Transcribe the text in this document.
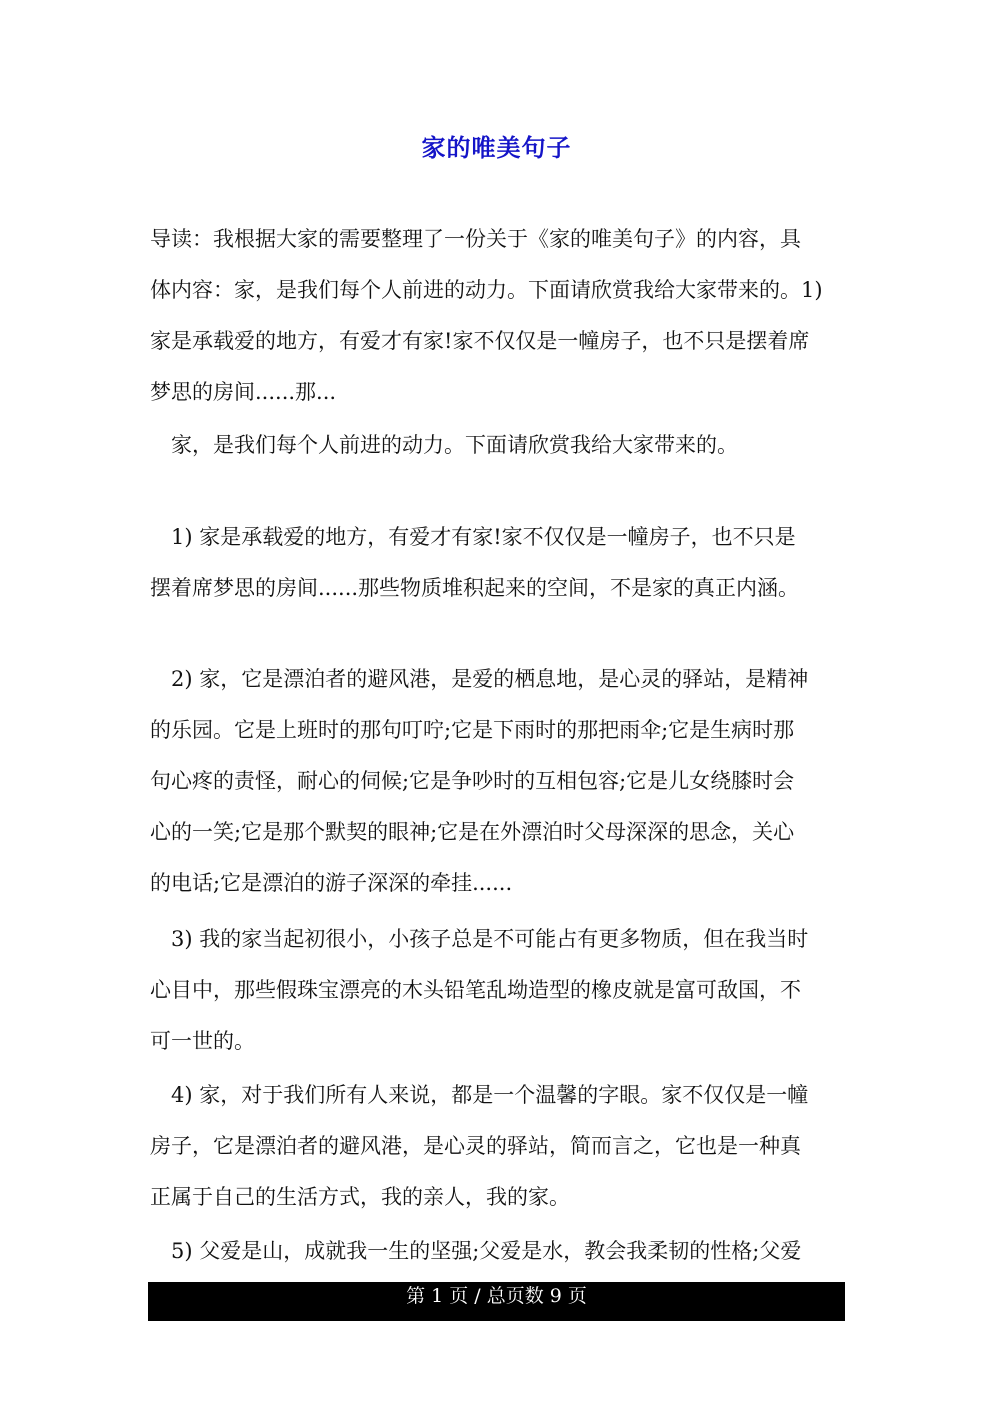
家的唯美句子
导读：我根据大家的需要整理了一份关于《家的唯美句子》的内容，具
体内容：家，是我们每个人前进的动力。下面请欣赏我给大家带来的。1)
家是承载爱的地方，有爱才有家!家不仅仅是一幢房子，也不只是摆着席
梦思的房间......那...
　家，是我们每个人前进的动力。下面请欣赏我给大家带来的。
　1) 家是承载爱的地方，有爱才有家!家不仅仅是一幢房子，也不只是
摆着席梦思的房间......那些物质堆积起来的空间，不是家的真正内涵。
　2) 家，它是漂泊者的避风港，是爱的栖息地，是心灵的驿站，是精神
的乐园。它是上班时的那句叮咛;它是下雨时的那把雨伞;它是生病时那
句心疼的责怪，耐心的伺候;它是争吵时的互相包容;它是儿女绕膝时会
心的一笑;它是那个默契的眼神;它是在外漂泊时父母深深的思念，关心
的电话;它是漂泊的游子深深的牵挂......
　3) 我的家当起初很小，小孩子总是不可能占有更多物质，但在我当时
心目中，那些假珠宝漂亮的木头铅笔乱坳造型的橡皮就是富可敌国，不
可一世的。
　4) 家，对于我们所有人来说，都是一个温馨的字眼。家不仅仅是一幢
房子，它是漂泊者的避风港，是心灵的驿站，简而言之，它也是一种真
正属于自己的生活方式，我的亲人，我的家。
　5) 父爱是山，成就我一生的坚强;父爱是水，教会我柔韧的性格;父爱
第 1 页 / 总页数 9 页
